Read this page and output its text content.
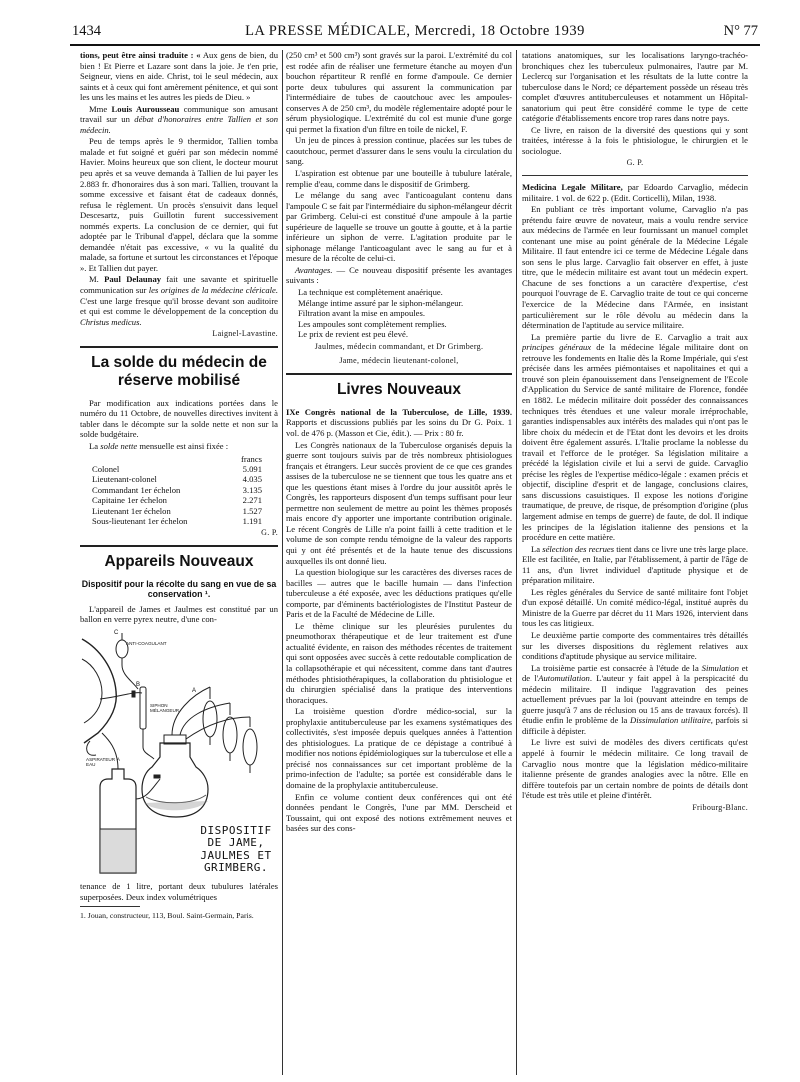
1434	LA PRESSE MÉDICALE, Mercredi, 18 Octobre 1939	N° 77

tions, peut être ainsi traduite : « Aux gens de bien, du bien ! Et Pierre et Lazare sont dans la joie. Je t'en prie, Seigneur, viens en aide. Christ, toi le seul médecin, aux saints et à ceux qui font amèrement pénitence, et qui sont les uns les mains et les autres les pieds de Dieu. »

Mme Louis Aurousseau communique son amusant travail sur un débat d'honoraires entre Tallien et son médecin.

Peu de temps après le 9 thermidor, Tallien tomba malade et fut soigné et guéri par son médecin nommé Havier. Moins heureux que son client, le docteur mourut peu après et sa veuve demanda à Tallien de lui payer les 2.883 fr. d'honoraires dus à son mari. Tallien, trouvant la somme excessive et faisant état de cadeaux donnés, refusa le règlement. Un procès s'ensuivit dans lequel Descesartz, puis Guillotin furent successivement nommés experts. La conclusion de ce dernier, qui fut adoptée par le Tribunal d'appel, déclara que la somme demandée n'était pas excessive, « vu la qualité du malade, sa fortune et surtout les circonstances et l'époque ». Et Tallien dut payer.

M. Paul Delaunay fait une savante et spirituelle communication sur les origines de la médecine cléricale. C'est une large fresque qu'il brosse devant son auditoire et qui est comme le développement de la conception du Christus medicus.

Laignel-Lavastine.
La solde du médecin de réserve mobilisé

Par modification aux indications portées dans le numéro du 11 Octobre, de nouvelles directives invitent à tabler dans le décompte sur la solde nette et non sur la solde budgétaire.

La solde nette mensuelle est ainsi fixée :

	francs
Colonel	5.091
Lieutenant-colonel	4.035
Commandant 1er échelon	3.135
Capitaine 1er échelon	2.271
Lieutenant 1er échelon	1.527
Sous-lieutenant 1er échelon	1.191
G. P.
Appareils Nouveaux
Dispositif pour la récolte du sang en vue de sa conservation ¹.

L'appareil de James et Jaulmes est constitué par un ballon en verre pyrex neutre, d'une con-

ANTI-COAGULANT
SIPHON MÉLANGEUR
ASPIRATEUR À EAU
C
B
A
DISPOSITIF DE JAME, JAULMES ET GRIMBERG.

tenance de 1 litre, portant deux tubulures latérales superposées. Deux index volumétriques

1. Jouan, constructeur, 113, Boul. Saint-Germain, Paris.

(250 cm³ et 500 cm³) sont gravés sur la paroi. L'extrémité du col est rodée afin de réaliser une fermeture étanche au moyen d'un bouchon répartiteur R renflé en forme d'ampoule. Ce dernier porte deux tubulures qui assurent la communication par l'intermédiaire de tubes de caoutchouc avec les ampoules-conserves A de 250 cm³, du modèle réglementaire adopté pour le sérum physiologique. L'extrémité du col est munie d'une gorge qui permet la fixation d'un filtre en toile de nickel, F.

Un jeu de pinces à pression continue, placées sur les tubes de caoutchouc, permet d'assurer dans le sens voulu la circulation du sang.

L'aspiration est obtenue par une bouteille à tubulure latérale, remplie d'eau, comme dans le dispositif de Grimberg.

Le mélange du sang avec l'anticoagulant contenu dans l'ampoule C se fait par l'intermédiaire du siphon-mélangeur décrit par Grimberg. Celui-ci est constitué d'une ampoule à la partie supérieure de laquelle se trouve un goutte à goutte, et à la partie inférieure un siphon de verre. L'agitation produite par le siphonage mélange l'anticoagulant avec le sang au fur et à mesure de la récolte de celui-ci.

Avantages. — Ce nouveau dispositif présente les avantages suivants :

La technique est complètement anaérique.
Mélange intime assuré par le siphon-mélangeur.
Filtration avant la mise en ampoules.
Les ampoules sont complètement remplies.
Le prix de revient est peu élevé.
Jaulmes, médecin commandant, et Dr Grimberg.
Jame, médecin lieutenant-colonel,
Livres Nouveaux

IXe Congrès national de la Tuberculose, de Lille, 1939. Rapports et discussions publiés par les soins du Dr G. Poix. 1 vol. de 476 p. (Masson et Cie, édit.). — Prix : 80 fr.

Les Congrès nationaux de la Tuberculose organisés depuis la guerre sont toujours suivis par de très nombreux phtisiologues français et étrangers. Leur succès provient de ce que ces grandes assises de la tuberculose ne se tiennent que tous les quatre ans et que les questions étant mises à l'ordre du jour aussitôt après le Congrès, les rapporteurs disposent d'un temps suffisant pour leur permettre non seulement de mettre au point les thèmes proposés mais encore d'y apporter une importante contribution originale. Le récent Congrès de Lille n'a point failli à cette tradition et le volume de son compte rendu témoigne de la valeur des rapports qui y ont été présentés et de la haute tenue des discussions auxquelles ils ont donné lieu.

La question biologique sur les caractères des diverses races de bacilles — autres que le bacille humain — dans l'infection tuberculeuse a été exposée, avec les déductions pratiques qu'elle comporte, par d'éminents bactériologistes de l'Institut Pasteur de Paris et de la Faculté de Médecine de Lille.

Le thème clinique sur les pleurésies purulentes du pneumothorax thérapeutique et de leur traitement est d'une actualité évidente, en raison des méthodes récentes de traitement qui sont opposées avec succès à cette redoutable complication de la collapsothérapie et qui nécessitent, comme dans tant d'autres méthodes phtisiothérapiques, la collaboration du phtisiologue et du chirurgien spécialisé dans la pratique des interventions thoraciques.

La troisième question d'ordre médico-social, sur la prophylaxie antituberculeuse par les examens systématiques des collectivités, s'est imposée depuis quelques années à l'attention des phtisiologues. La pratique de ce dépistage a contribué à modifier nos notions épidémiologiques sur la tuberculose et elle a précisé nos connaissances sur cet important problème de la primo-infection de l'adulte; sa portée est considérable dans le domaine de la prophylaxie antituberculeuse.

Enfin ce volume contient deux conférences qui ont été données pendant le Congrès, l'une par MM. Derscheid et Toussaint, qui ont exposé des notions extrêmement neuves et basées sur des cons-

tatations anatomiques, sur les localisations laryngo-trachéo-bronchiques chez les tuberculeux pulmonaires, l'autre par M. Leclercq sur l'organisation et les résultats de la lutte contre la tuberculose dans le Nord; ce département possède un réseau très complet d'œuvres antituberculeuses et notamment un Hôpital-sanatorium qui peut être considéré comme le type de cette catégorie d'établissements encore trop rares dans notre pays.

Ce livre, en raison de la diversité des questions qui y sont traitées, intéresse à la fois le phtisiologue, le chirurgien et le sociologue.

G. P.

Medicina Legale Militare, par Edoardo Carvaglio, médecin militaire. 1 vol. de 622 p. (Edit. Corticelli), Milan, 1938.

En publiant ce très important volume, Carvaglio n'a pas prétendu faire œuvre de novateur, mais a voulu rendre service aux médecins de l'armée en leur fournissant un manuel complet contenant une mise au point générale de la Médecine Légale Militaire. Il faut entendre ici ce terme de Médecine Légale dans son sens le plus large. Carvaglio fait observer en effet, à juste titre, que le médecin militaire est avant tout un médecin expert. Chacune de ses fonctions a un caractère d'expertise, c'est pourquoi l'ouvrage de E. Carvaglio traite de tout ce qui concerne l'exercice de la Médecine dans l'Armée, en insistant particulièrement sur le rôle dévolu au médecin dans la détermination de l'aptitude au service militaire.

La première partie du livre de E. Carvaglio a trait aux principes généraux de la médecine légale militaire dont on retrouve les fondements en Italie dès la Rome Impériale, qui s'est précisée dans les armées piémontaises et napolitaines et qui a trouvé son plein épanouissement dans l'enseignement de l'Ecole d'Application du Service de santé militaire de Florence, fondée en 1882. Le médecin militaire doit posséder des connaissances techniques très étendues et une valeur morale irréprochable, garanties indispensables aux intérêts des malades qui n'ont pas le libre choix du médecin et de l'Etat dont les devoirs et les droits doivent être également assurés. L'Italie proclame la noblesse du travail et l'efforce de le protéger. Sa législation militaire a précédé la législation civile et lui a servi de guide. Carvaglio précise les règles de l'expertise médico-légale : examen précis et objectif, discipline d'esprit et de langage, conclusions claires, sans discussions casuistiques. Il expose les notions d'origine traumatique, de preuve, de risque, de présomption d'origine (plus largement admise en temps de guerre) de faute, de dol. Il indique les principes de la législation italienne des pensions et la procédure en cette matière.

La sélection des recrues tient dans ce livre une très large place. Elle est facilitée, en Italie, par l'établissement, à partir de l'âge de 11 ans, d'un livret individuel d'aptitude physique et de préparation militaire.

Les règles générales du Service de santé militaire font l'objet d'un exposé détaillé. Un comité médico-légal, institué auprès du Ministre de la Guerre par décret du 11 Mars 1926, intervient dans tous les cas litigieux.

Le deuxième partie comporte des commentaires très détaillés sur les diverses dispositions du règlement relatives aux conditions d'aptitude physique au service militaire.

La troisième partie est consacrée à l'étude de la Simulation et de l'Automutilation. L'auteur y fait appel à la perspicacité du médecin militaire. Il indique l'aggravation des peines actuellement prévues par la loi (pouvant atteindre en temps de guerre jusqu'à 7 ans de réclusion ou 15 ans de travaux forcés). Il étudie enfin le problème de la Dissimulation utilitaire, parfois si difficile à dépister.

Le livre est suivi de modèles des divers certificats qu'est appelé à fournir le médecin militaire. Ce long travail de Carvaglio nous montre que la législation médico-militaire italienne présente de grandes analogies avec la nôtre. Elle en diffère toutefois par un certain nombre de points de détails dont l'étude est très utile et pleine d'intérêt.

Fribourg-Blanc.
